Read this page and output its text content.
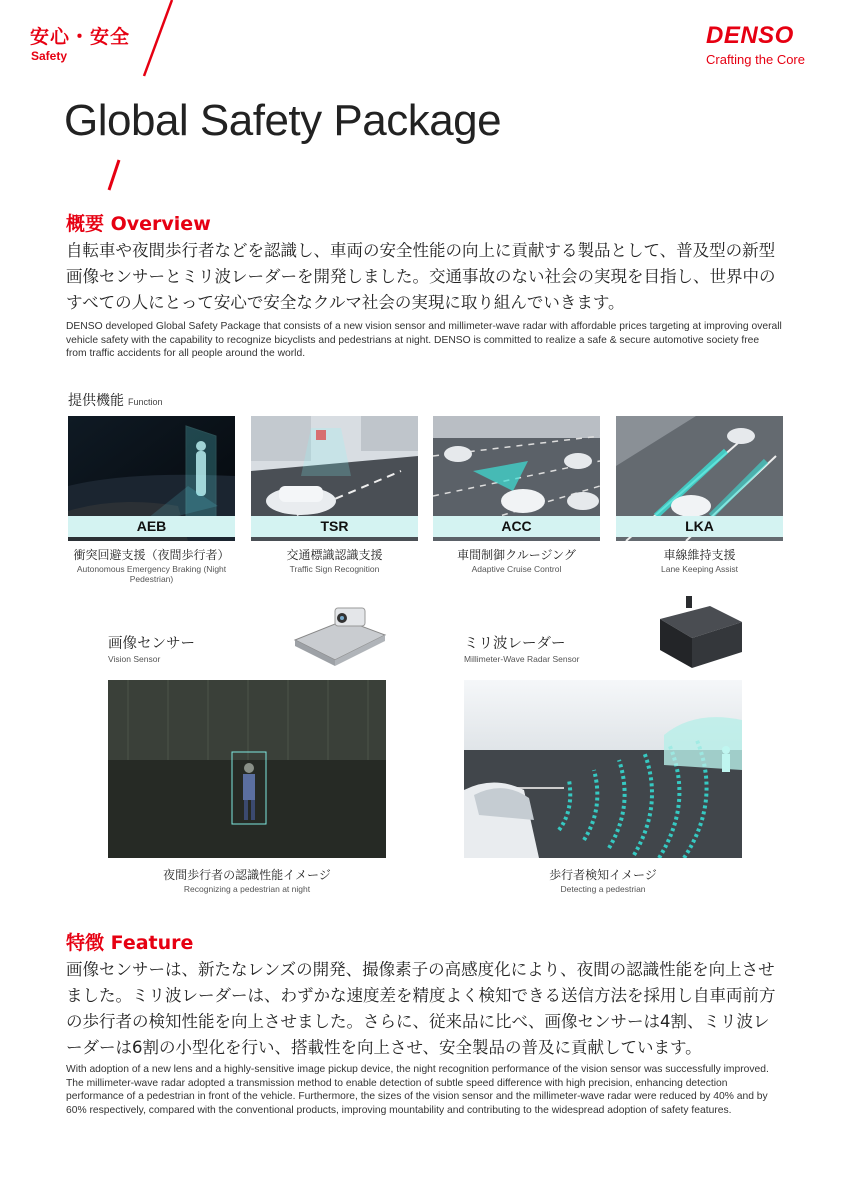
安心・安全
Safety
DENSO
Crafting the Core
Global Safety Package
概要 Overview
自転車や夜間歩行者などを認識し、車両の安全性能の向上に貢献する製品として、普及型の新型画像センサーとミリ波レーダーを開発しました。交通事故のない社会の実現を目指し、世界中のすべての人にとって安心で安全なクルマ社会の実現に取り組んでいきます。
DENSO developed Global Safety Package that consists of a new vision sensor and millimeter-wave radar with affordable prices targeting at improving overall vehicle safety with the capability to recognize bicyclists and pedestrians at night. DENSO is committed to realize a safe & secure automotive society free from traffic accidents for all people around the world.
提供機能 Function
AEB
衝突回避支援（夜間歩行者）
Autonomous Emergency Braking (Night Pedestrian)
TSR
交通標識認識支援
Traffic Sign Recognition
ACC
車間制御クルージング
Adaptive Cruise Control
LKA
車線維持支援
Lane Keeping Assist
画像センサー
Vision Sensor
夜間歩行者の認識性能イメージ
Recognizing a pedestrian at night
ミリ波レーダー
Millimeter-Wave Radar Sensor
歩行者検知イメージ
Detecting a pedestrian
特徴 Feature
画像センサーは、新たなレンズの開発、撮像素子の高感度化により、夜間の認識性能を向上させました。ミリ波レーダーは、わずかな速度差を精度よく検知できる送信方法を採用し自車両前方の歩行者の検知性能を向上させました。さらに、従来品に比べ、画像センサーは4割、ミリ波レーダーは6割の小型化を行い、搭載性を向上させ、安全製品の普及に貢献しています。
With adoption of a new lens and a highly-sensitive image pickup device, the night recognition performance of the vision sensor was successfully improved. The millimeter-wave radar adopted a transmission method to enable detection of subtle speed difference with high precision, enhancing detection performance of a pedestrian in front of the vehicle. Furthermore, the sizes of the vision sensor and the millimeter-wave radar were reduced by 40% and by 60% respectively, compared with the conventional products, improving mountability and contributing to the widespread adoption of safety features.
